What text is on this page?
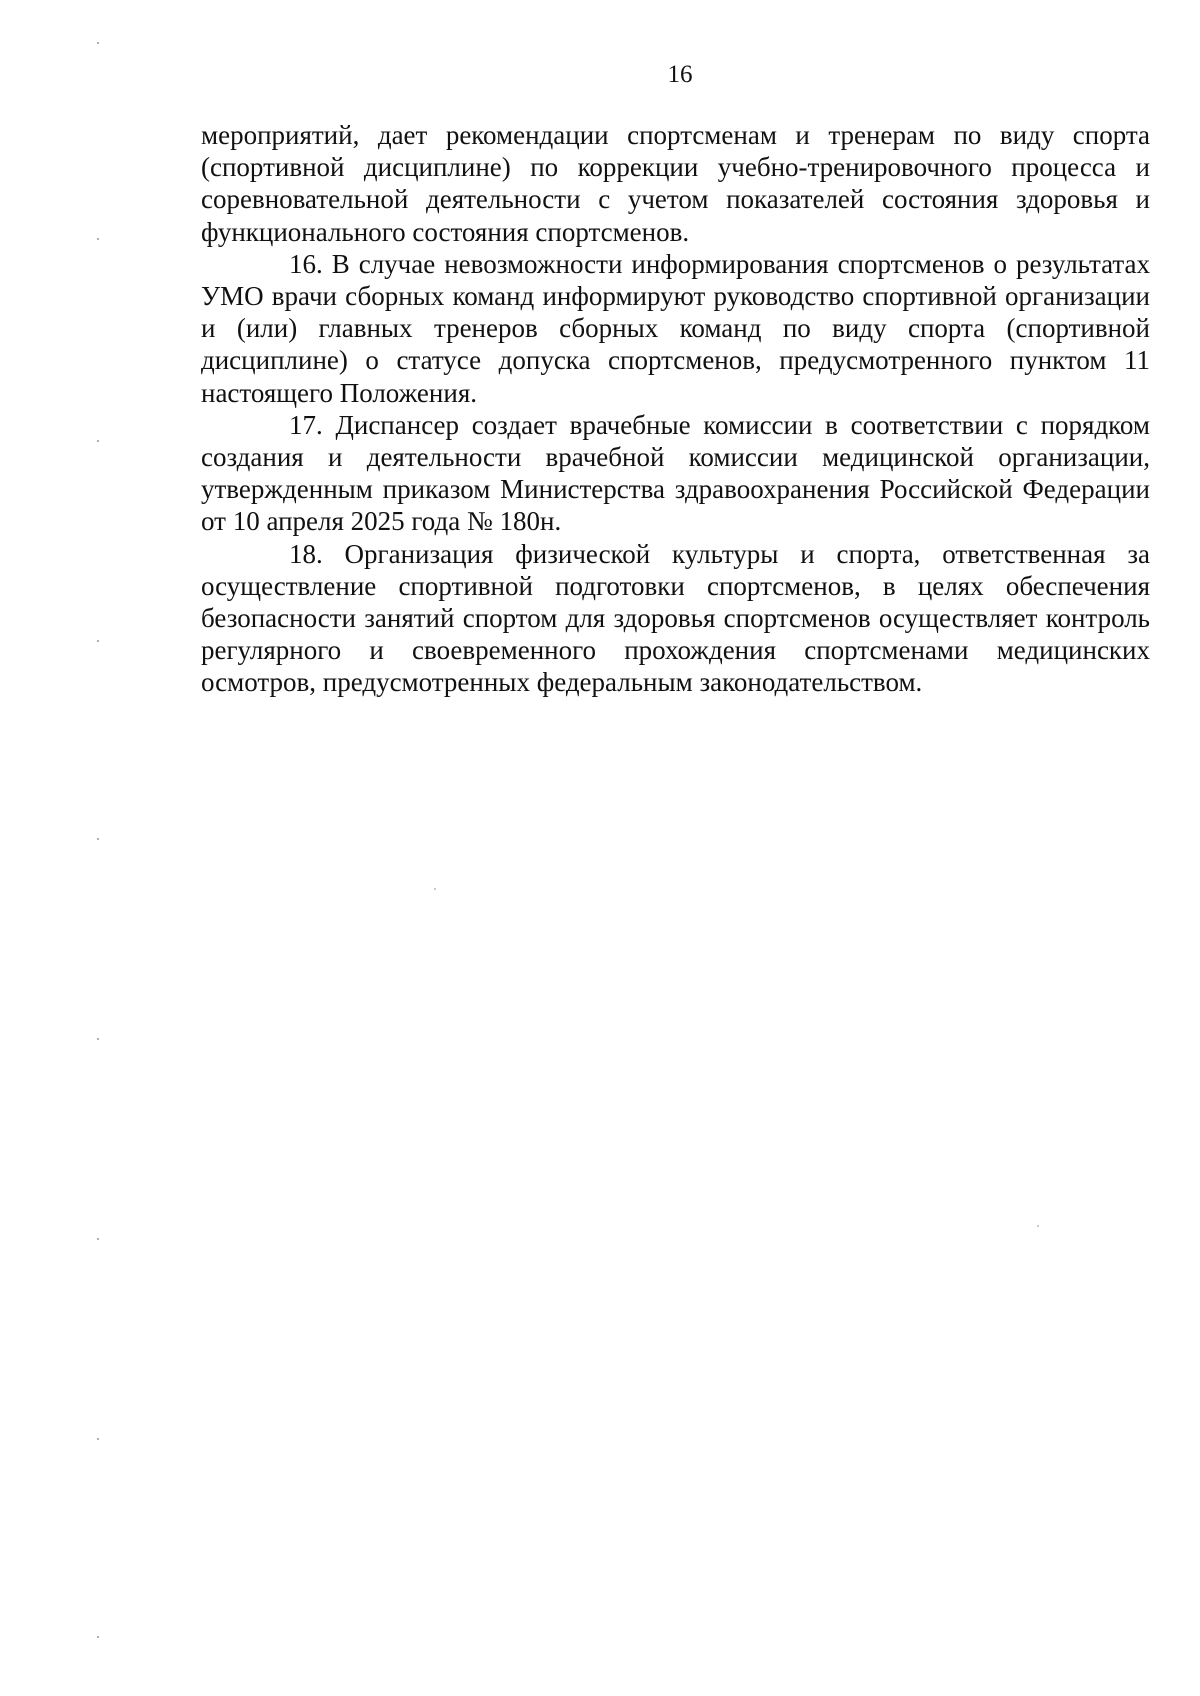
16

мероприятий, дает рекомендации спортсменам и тренерам по виду спорта (спортивной дисциплине) по коррекции учебно-тренировочного процесса и соревновательной деятельности с учетом показателей состояния здоровья и функционального состояния спортсменов.

16. В случае невозможности информирования спортсменов о результатах УМО врачи сборных команд информируют руководство спортивной организации и (или) главных тренеров сборных команд по виду спорта (спортивной дисциплине) о статусе допуска спортсменов, предусмотренного пунктом 11 настоящего Положения.

17. Диспансер создает врачебные комиссии в соответствии с порядком создания и деятельности врачебной комиссии медицинской организации, утвержденным приказом Министерства здравоохранения Российской Федерации от 10 апреля 2025 года № 180н.

18. Организация физической культуры и спорта, ответственная за осуществление спортивной подготовки спортсменов, в целях обеспечения безопасности занятий спортом для здоровья спортсменов осуществляет контроль регулярного и своевременного прохождения спортсменами медицинских осмотров, предусмотренных федеральным законодательством.
